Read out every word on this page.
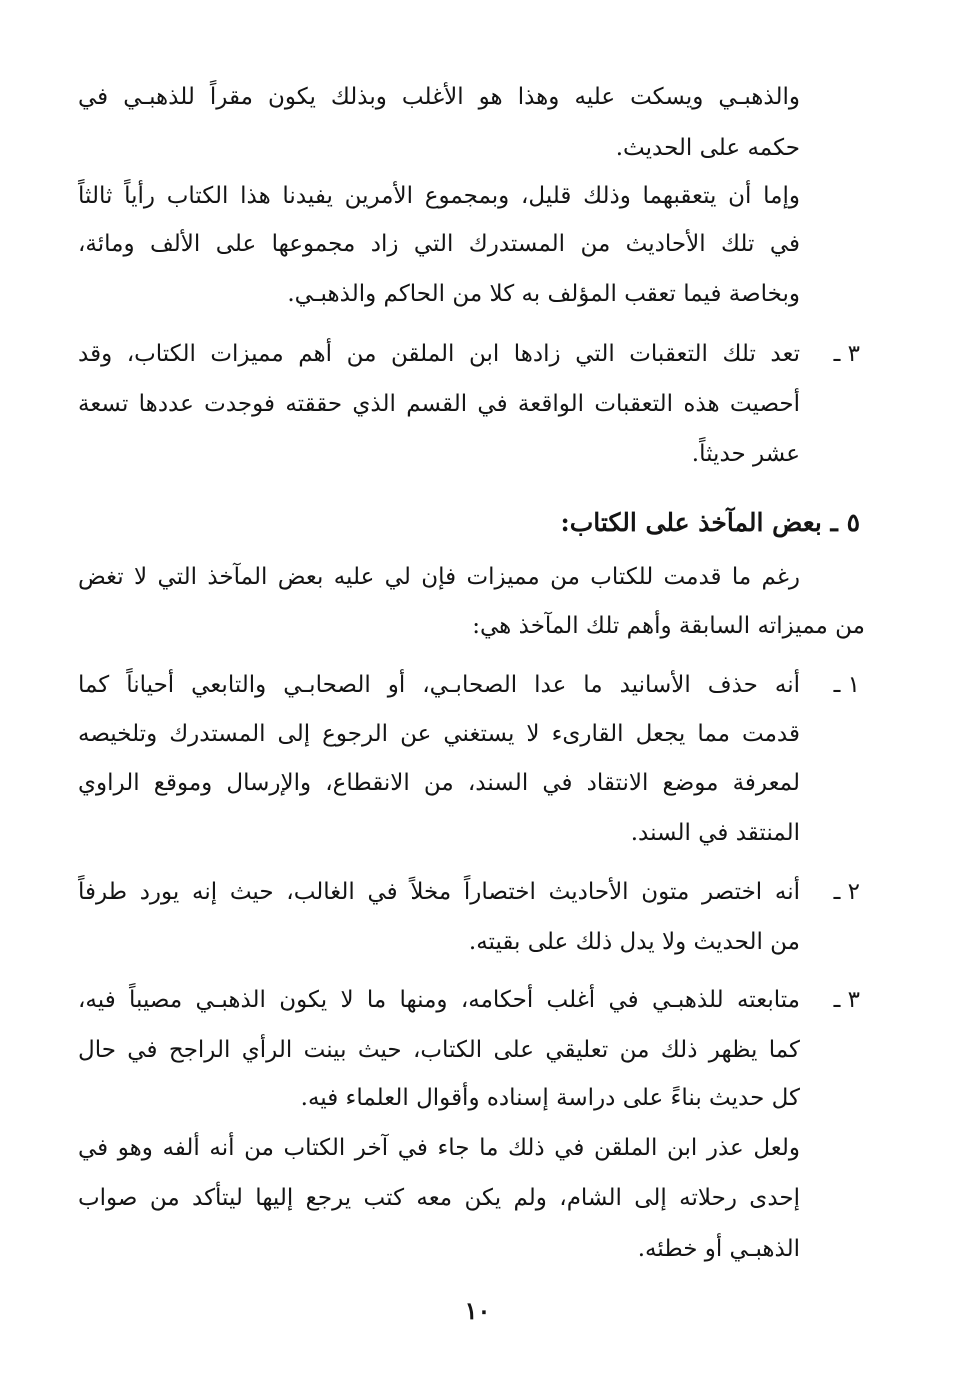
والذهبـي ويسكت عليه وهذا هو الأغلب وبذلك يكون مقراً للذهبـي في
حكمه على الحديث.
وإما أن يتعقبهما وذلك قليل، وبمجموع الأمرين يفيدنا هذا الكتاب رأياً ثالثاً
في تلك الأحاديث من المستدرك التي زاد مجموعها على الألف ومائة،
وبخاصة فيما تعقب المؤلف به كلا من الحاكم والذهبـي.
٣ ـ
تعد تلك التعقبات التي زادها ابن الملقن من أهم مميزات الكتاب، وقد
أحصيت هذه التعقبات الواقعة في القسم الذي حققته فوجدت عددها تسعة
عشر حديثاً.
٥ ـ بعض المآخذ على الكتاب:
رغم ما قدمت للكتاب من مميزات فإن لي عليه بعض المآخذ التي لا تغض
من مميزاته السابقة وأهم تلك المآخذ هي:
١ ـ
أنه حذف الأسانيد ما عدا الصحابـي، أو الصحابـي والتابعي أحياناً كما
قدمت مما يجعل القارىء لا يستغني عن الرجوع إلى المستدرك وتلخيصه
لمعرفة موضع الانتقاد في السند، من الانقطاع، والإرسال وموقع الراوي
المنتقد في السند.
٢ ـ
أنه اختصر متون الأحاديث اختصاراً مخلاً في الغالب، حيث إنه يورد طرفاً
من الحديث ولا يدل ذلك على بقيته.
٣ ـ
متابعته للذهبـي في أغلب أحكامه، ومنها ما لا يكون الذهبـي مصيباً فيه،
كما يظهر ذلك من تعليقي على الكتاب، حيث بينت الرأي الراجح في حال
كل حديث بناءً على دراسة إسناده وأقوال العلماء فيه.
ولعل عذر ابن الملقن في ذلك ما جاء في آخر الكتاب من أنه ألفه وهو في
إحدى رحلاته إلى الشام، ولم يكن معه كتب يرجع إليها ليتأكد من صواب
الذهبـي أو خطئه.
١٠
